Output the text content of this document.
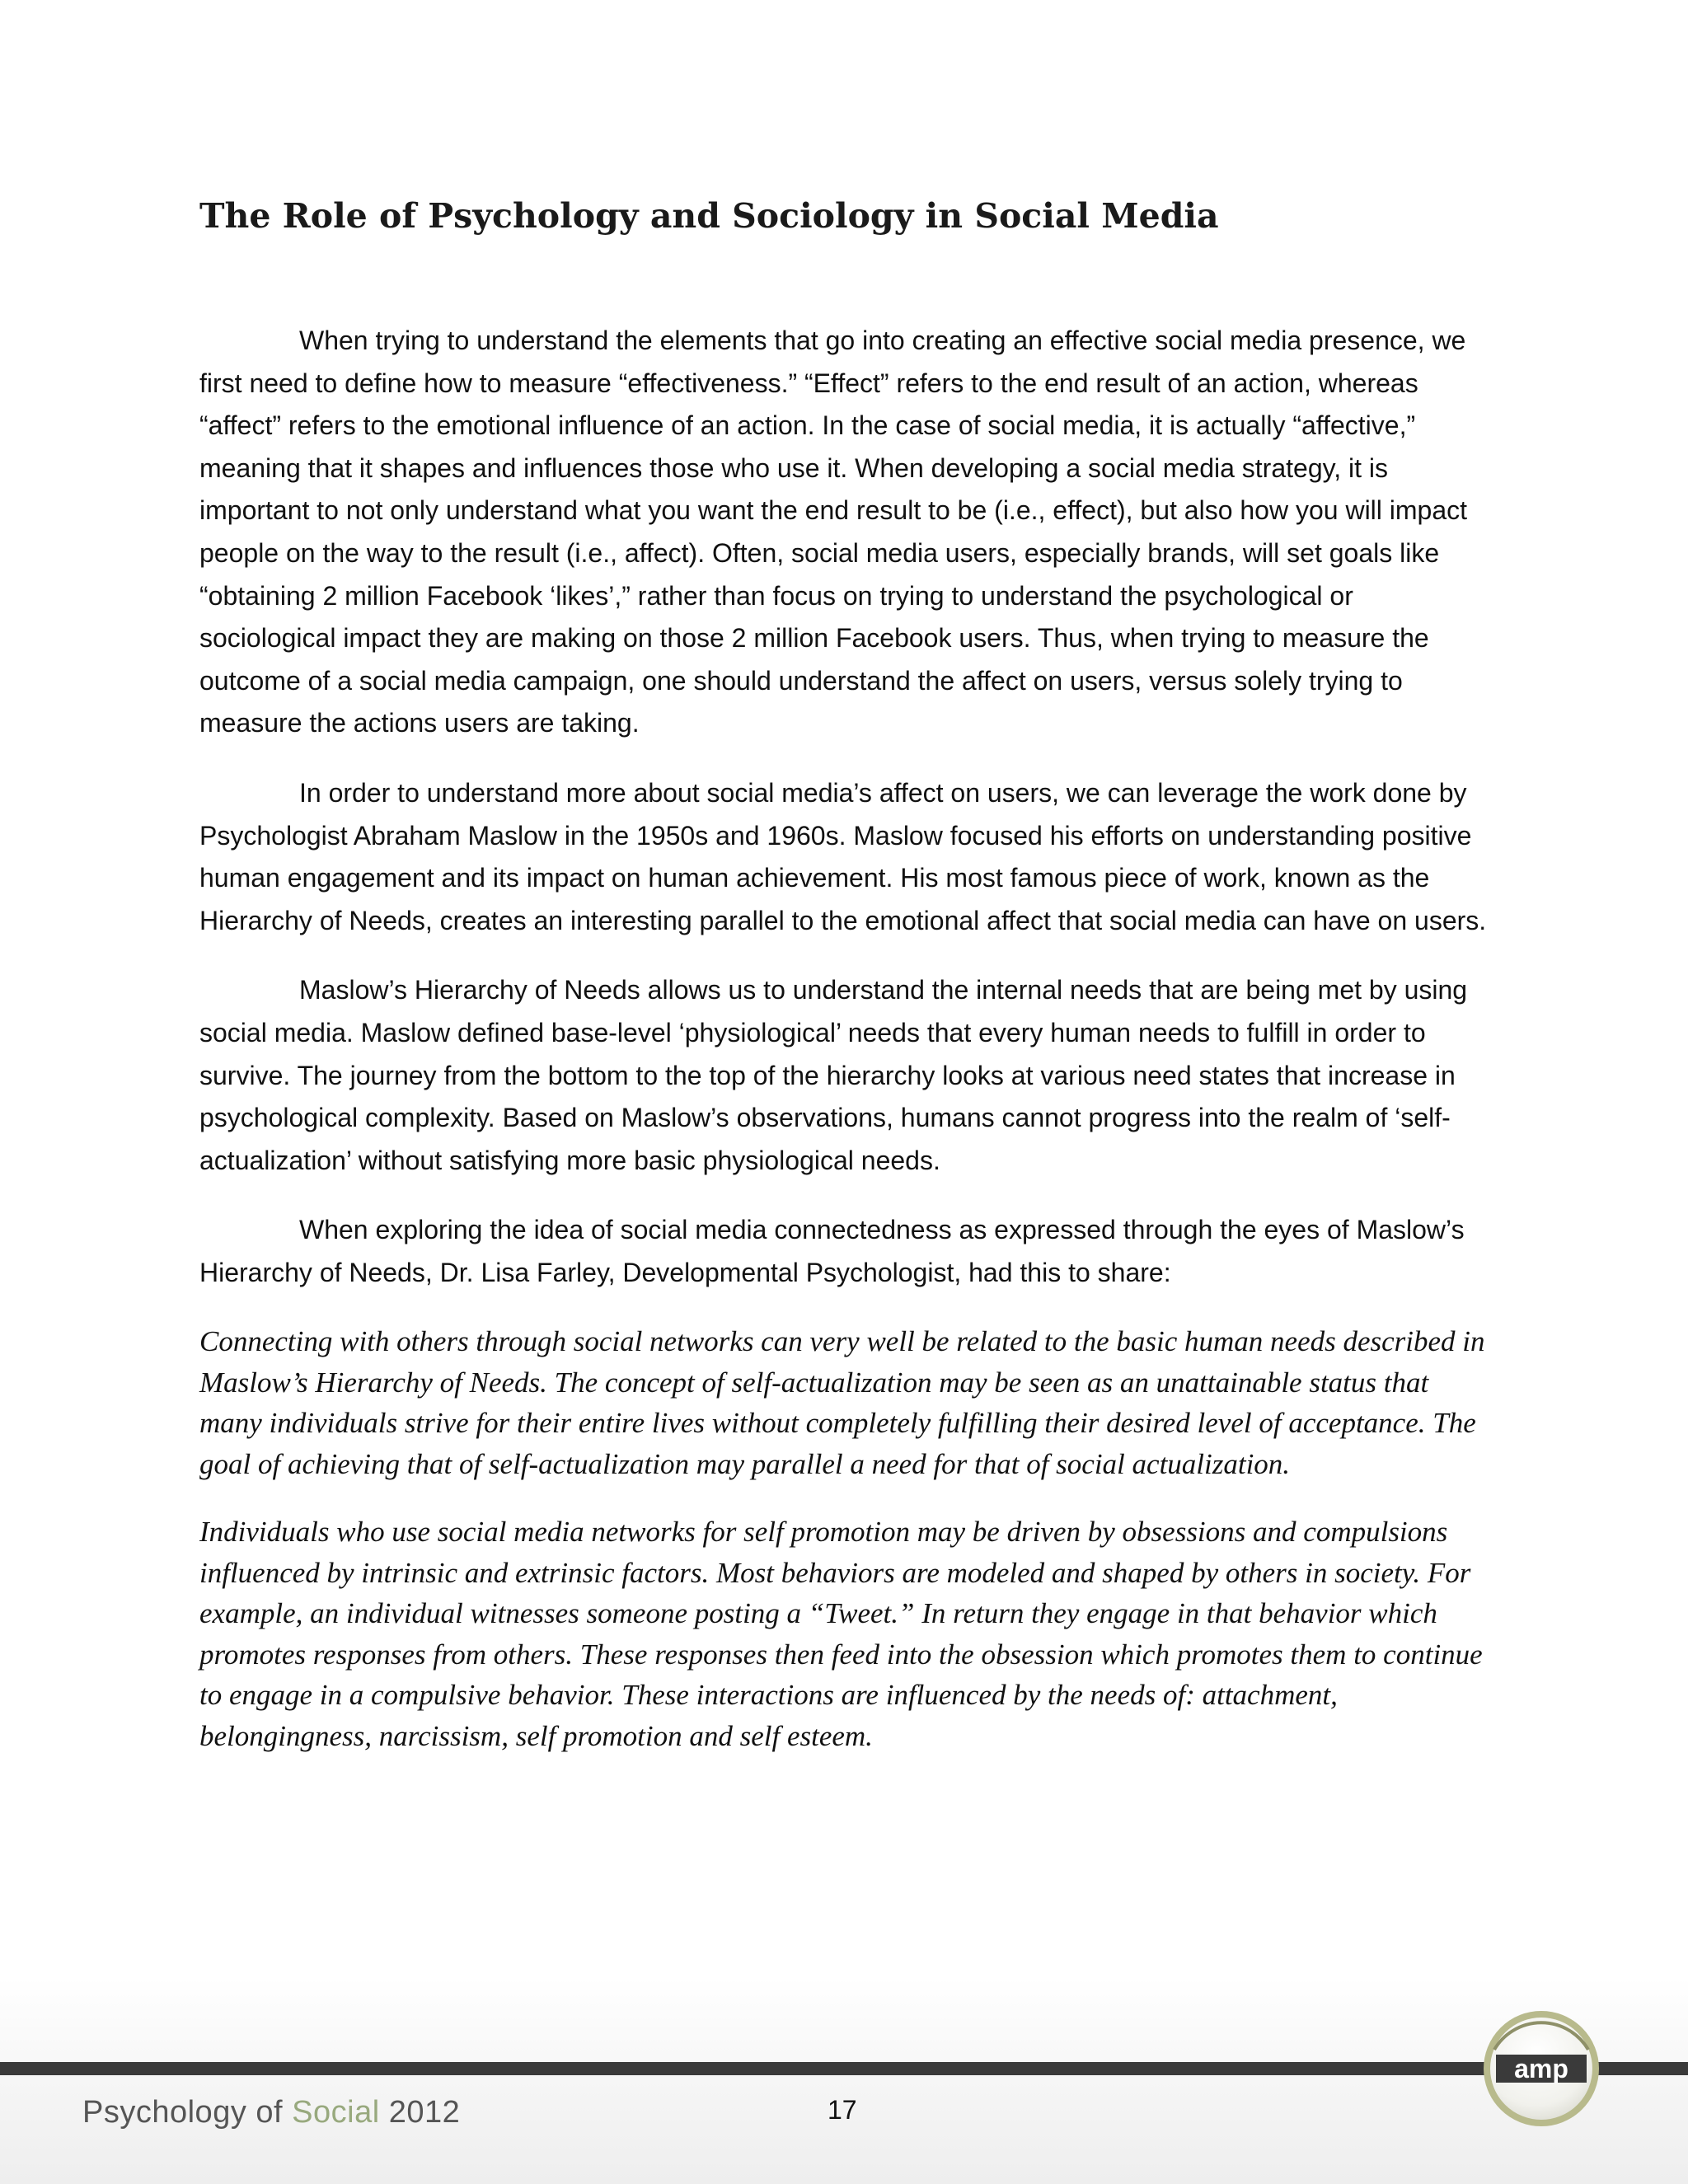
The Role of Psychology and Sociology in Social Media

When trying to understand the elements that go into creating an effective social media presence, we first need to define how to measure “effectiveness.” “Effect” refers to the end result of an action, whereas “affect” refers to the emotional influence of an action. In the case of social media, it is actually “affective,” meaning that it shapes and influences those who use it. When developing a social media strategy, it is important to not only understand what you want the end result to be (i.e., effect), but also how you will impact people on the way to the result (i.e., affect). Often, social media users, especially brands, will set goals like “obtaining 2 million Facebook ‘likes’,” rather than focus on trying to understand the psychological or sociological impact they are making on those 2 million Facebook users. Thus, when trying to measure the outcome of a social media campaign, one should understand the affect on users, versus solely trying to measure the actions users are taking.

In order to understand more about social media’s affect on users, we can leverage the work done by Psychologist Abraham Maslow in the 1950s and 1960s. Maslow focused his efforts on understanding positive human engagement and its impact on human achievement. His most famous piece of work, known as the Hierarchy of Needs, creates an interesting parallel to the emotional affect that social media can have on users.

Maslow’s Hierarchy of Needs allows us to understand the internal needs that are being met by using social media. Maslow defined base-level ‘physiological’ needs that every human needs to fulfill in order to survive. The journey from the bottom to the top of the hierarchy looks at various need states that increase in psychological complexity. Based on Maslow’s observations, humans cannot progress into the realm of ‘self-actualization’ without satisfying more basic physiological needs.

When exploring the idea of social media connectedness as expressed through the eyes of Maslow’s Hierarchy of Needs, Dr. Lisa Farley, Developmental Psychologist, had this to share:

Connecting with others through social networks can very well be related to the basic human needs described in Maslow’s Hierarchy of Needs. The concept of self-actualization may be seen as an unattainable status that many individuals strive for their entire lives without completely fulfilling their desired level of acceptance. The goal of achieving that of self-actualization may parallel a need for that of social actualization.

Individuals who use social media networks for self promotion may be driven by obsessions and compulsions influenced by intrinsic and extrinsic factors. Most behaviors are modeled and shaped by others in society. For example, an individual witnesses someone posting a “Tweet.” In return they engage in that behavior which promotes responses from others. These responses then feed into the obsession which promotes them to continue to engage in a compulsive behavior. These interactions are influenced by the needs of: attachment, belongingness, narcissism, self promotion and self esteem.

Psychology of Social 2012	17
amp
